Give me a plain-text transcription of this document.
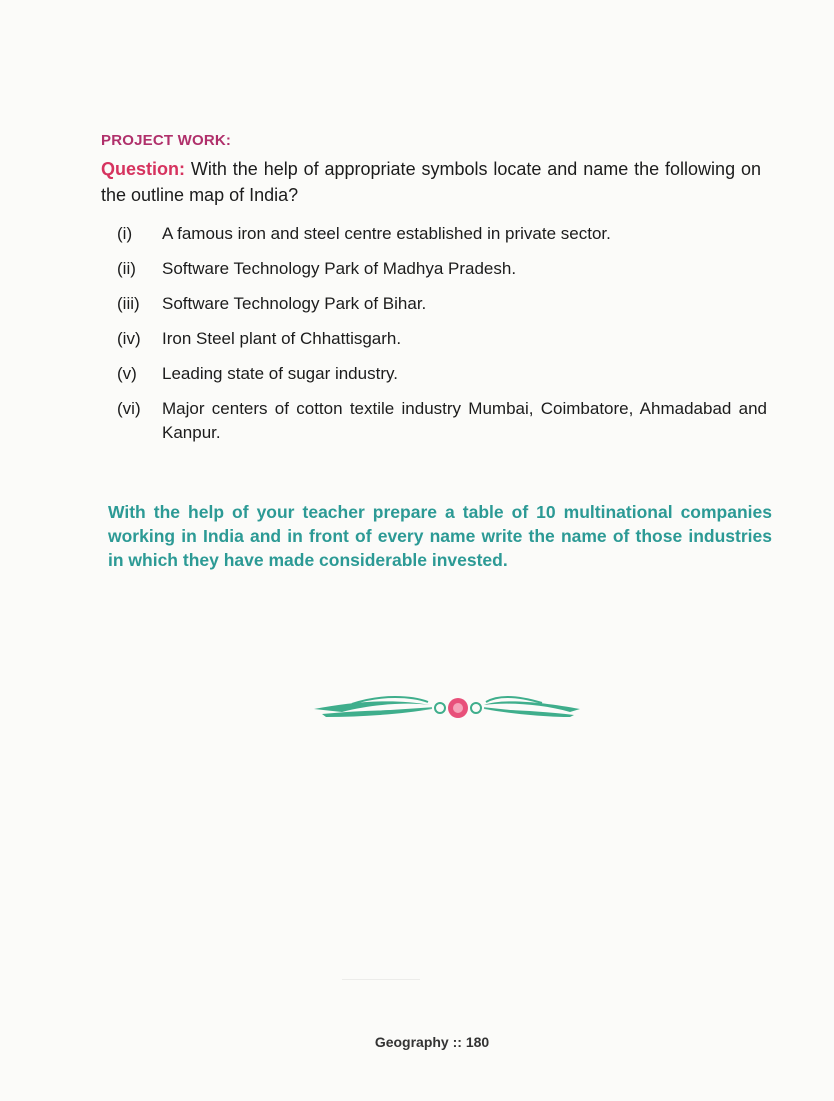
PROJECT WORK:
Question: With the help of appropriate symbols locate and name the following on the outline map of India?
(i)	A famous iron and steel centre established in private sector.
(ii)	Software Technology Park of Madhya Pradesh.
(iii)	Software Technology Park of Bihar.
(iv)	Iron Steel plant of Chhattisgarh.
(v)	Leading state of sugar industry.
(vi)	Major centers of cotton textile industry Mumbai, Coimbatore, Ahmadabad and Kanpur.
With the help of your teacher prepare a table of 10 multinational companies working in India and in front of every name write the name of those industries in which they have made considerable invested.
Geography :: 180
